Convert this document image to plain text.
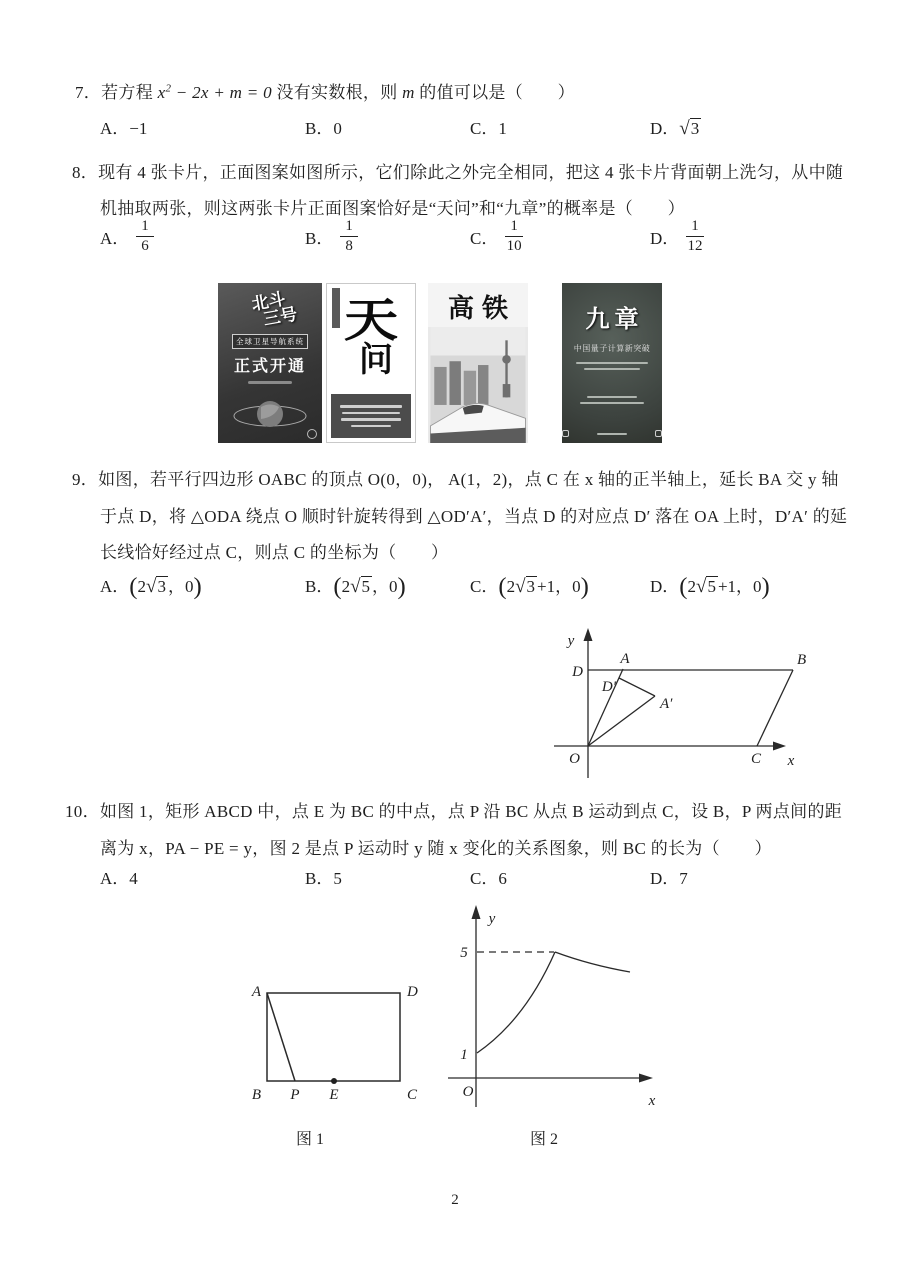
7．若方程 $x^2 - 2x + m = 0$ 没有实数根，则 m 的值可以是（　　）
A．−1	B．0	C．1	D．√3
8．现有 4 张卡片，正面图案如图所示，它们除此之外完全相同，把这 4 张卡片背面朝上洗匀，从中随
机抽取两张，则这两张卡片正面图案恰好是“天问”和“九章”的概率是（　　）
A． $\frac{1}{6}$	B． $\frac{1}{8}$	C． $\frac{1}{10}$	D． $\frac{1}{12}$
北斗
三号
全球卫星导航系统
正式开通
天
问
高铁	九章
中国量子计算新突破
9．如图，若平行四边形 OABC 的顶点 O(0，0)， A(1，2)，点 C 在 x 轴的正半轴上，延长 BA 交 y 轴
于点 D，将 △ODA 绕点 O 顺时针旋转得到 △OD′A′，当点 D 的对应点 D′ 落在 OA 上时，D′A′ 的延
长线恰好经过点 C，则点 C 的坐标为（　　）
A．(2√3 ，0)	B．(2√5 ，0)	C．(2√3 +1，0)	D．(2√5 +1，0)
y
x
O
D
A	B
D′
A′
C
10．如图 1，矩形 ABCD 中，点 E 为 BC 的中点，点 P 沿 BC 从点 B 运动到点 C，设 B，P 两点间的距
离为 x，PA − PE = y，图 2 是点 P 运动时 y 随 x 变化的关系图象，则 BC 的长为（　　）
A．4	B．5	C．6	D．7
A	D
B P E	C
y
x
O
5
1
图 1	图 2
2
